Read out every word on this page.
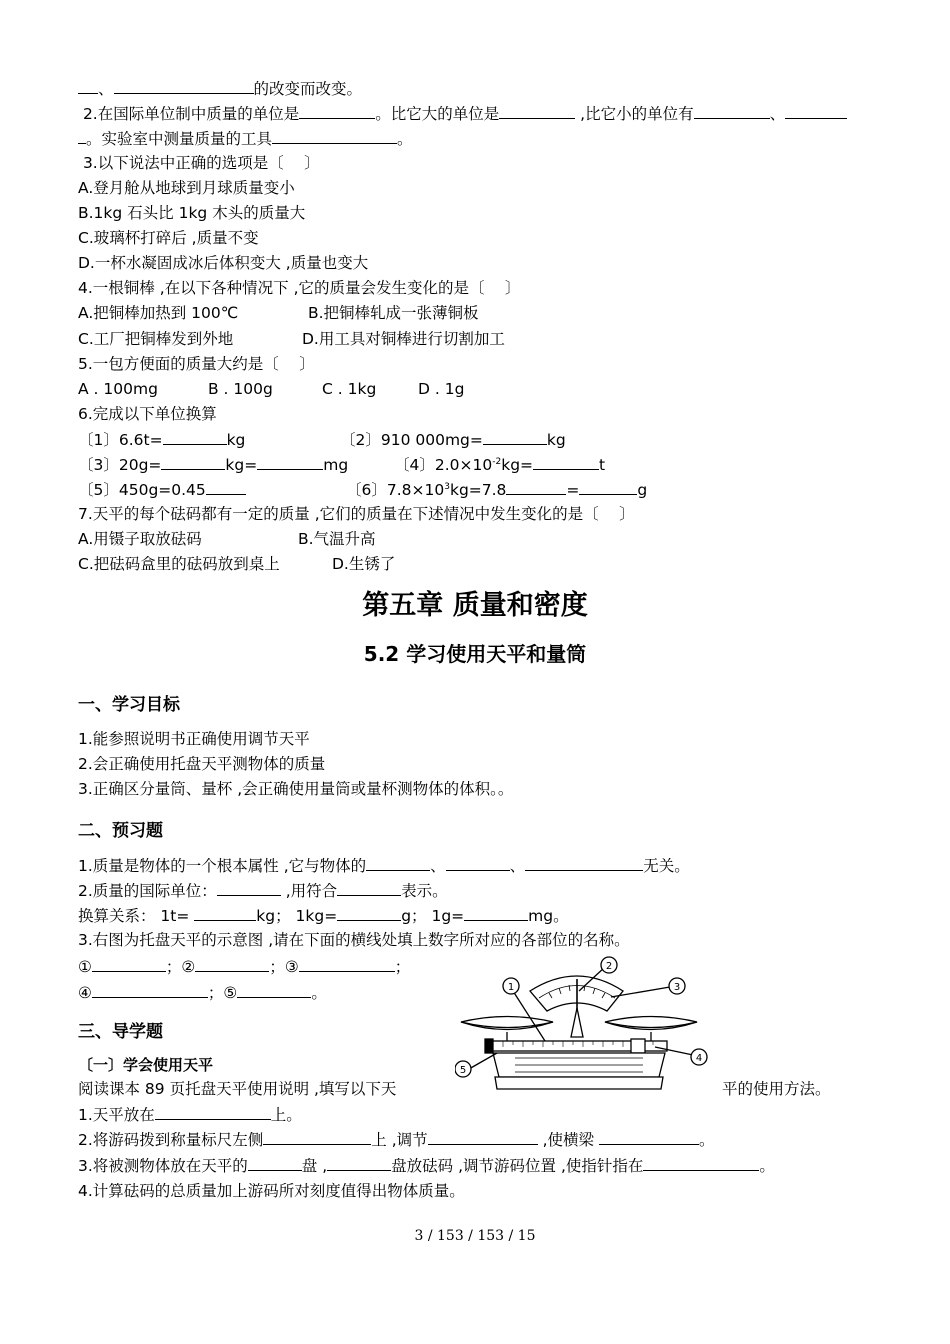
、	的改变而改变。
2.在国际单位制中质量的单位是	。比它大的单位是	,比它小的单位有	、
。实验室中测量质量的工具	。
3.以下说法中正确的选项是〔　 〕
A.登月舱从地球到月球质量变小
B.1kg 石头比 1kg 木头的质量大
C.玻璃杯打碎后 ,质量不变
D.一杯水凝固成冰后体积变大 ,质量也变大
4.一根铜棒 ,在以下各种情况下 ,它的质量会发生变化的是〔　 〕
A.把铜棒加热到 100℃	B.把铜棒轧成一张薄铜板
C.工厂把铜棒发到外地	D.用工具对铜棒进行切割加工
5.一包方便面的质量大约是〔　 〕
A . 100mg	B . 100g	C . 1kg	D . 1g
6.完成以下单位换算
〔1〕6.6t=	kg	〔2〕910 000mg=	kg
〔3〕20g=	kg=	mg	〔4〕$2.0\times 10^{-2}kg=$	t
〔5〕450g=0.45	〔6〕$7.8\times 10^3kg=7.8$	=	g
7.天平的每个砝码都有一定的质量 ,它们的质量在下述情况中发生变化的是〔　 〕
A.用镊子取放砝码	B.气温升高
C.把砝码盒里的砝码放到桌上	D.生锈了
第五章 质量和密度
5.2 学习使用天平和量筒
一、学习目标
1.能参照说明书正确使用调节天平
2.会正确使用托盘天平测物体的质量
3.正确区分量筒、量杯 ,会正确使用量筒或量杯测物体的体积。。
二、预习题
1.质量是物体的一个根本属性 ,它与物体的	、	、	无关。
2.质量的国际单位：	,用符合	表示。
换算关系： 1t=	kg； 1kg=	g； 1g=	mg。
3.右图为托盘天平的示意图 ,请在下面的横线处填上数字所对应的各部位的名称。
①	；②	；③	；
④	；⑤	。
三、导学题
〔一〕学会使用天平
阅读课本 89 页托盘天平使用说明 ,填写以下天	平的使用方法。
1.天平放在	上。
2.将游码拨到称量标尺左侧	上 ,调节	,使横梁	。
3.将被测物体放在天平的	盘 ,	盘放砝码 ,调节游码位置 ,使指针指在	。
4.计算砝码的总质量加上游码所对刻度值得出物体质量。
1
2
3
4
5
3 / 153 / 153 / 15
